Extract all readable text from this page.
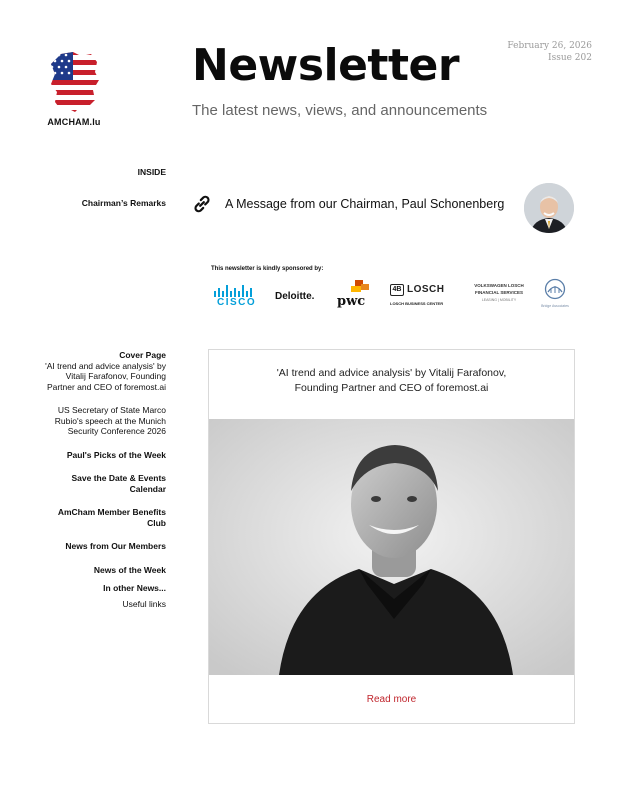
AMCHAM.lu
Newsletter
The latest news, views, and announcements
February 26, 2026
Issue 202
INSIDE
Chairman’s Remarks	A Message from our Chairman, Paul Schonenberg
This newsletter is kindly sponsored by:
CISCO
Deloitte. pwc
4B LOSCH
LOSCH BUSINESS CENTER
VOLKSWAGEN LOSCH
FINANCIAL SERVICES
LEASING | MOBILITY
Bridge Associates
Cover Page
'AI trend and advice analysis' by Vitalij Farafonov, Founding Partner and CEO of foremost.ai
US Secretary of State Marco Rubio's speech at the Munich Security Conference 2026
Paul's Picks of the Week
Save the Date & Events Calendar
AmCham Member Benefits Club
News from Our Members
News of the Week
In other News...
Useful links
'AI trend and advice analysis' by Vitalij Farafonov,
Founding Partner and CEO of foremost.ai
Read more
